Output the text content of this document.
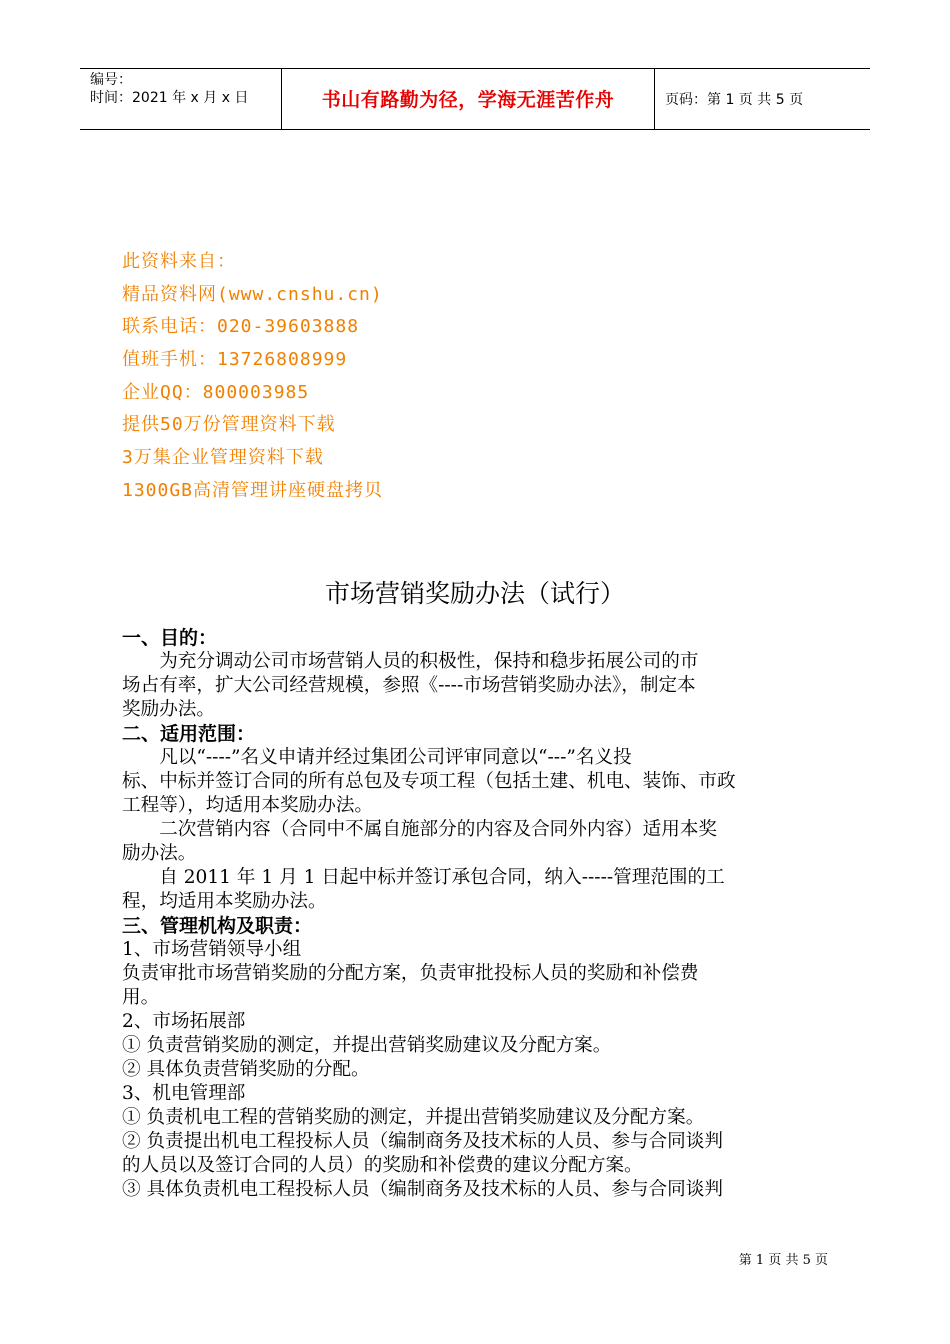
编号：
时间：2021 年 x 月 x 日	书山有路勤为径，学海无涯苦作舟	页码：第 1 页 共 5 页
此资料来自：
精品资料网(www.cnshu.cn)
联系电话：020-39603888
值班手机：13726808999
企业QQ：800003985
提供50万份管理资料下载
3万集企业管理资料下载
1300GB高清管理讲座硬盘拷贝
市场营销奖励办法（试行）

一、目的：

为充分调动公司市场营销人员的积极性，保持和稳步拓展公司的市

场占有率，扩大公司经营规模，参照《----市场营销奖励办法》，制定本

奖励办法。

二、适用范围：

凡以“----”名义申请并经过集团公司评审同意以“---”名义投

标、中标并签订合同的所有总包及专项工程（包括土建、机电、装饰、市政

工程等），均适用本奖励办法。

二次营销内容（合同中不属自施部分的内容及合同外内容）适用本奖

励办法。

自 2011 年 1 月 1 日起中标并签订承包合同，纳入-----管理范围的工

程，均适用本奖励办法。

三、管理机构及职责：

1、市场营销领导小组

负责审批市场营销奖励的分配方案，负责审批投标人员的奖励和补偿费

用。

2、市场拓展部

① 负责营销奖励的测定，并提出营销奖励建议及分配方案。

② 具体负责营销奖励的分配。

3、机电管理部

① 负责机电工程的营销奖励的测定，并提出营销奖励建议及分配方案。

② 负责提出机电工程投标人员（编制商务及技术标的人员、参与合同谈判

的人员以及签订合同的人员）的奖励和补偿费的建议分配方案。

③ 具体负责机电工程投标人员（编制商务及技术标的人员、参与合同谈判

第 1 页 共 5 页
